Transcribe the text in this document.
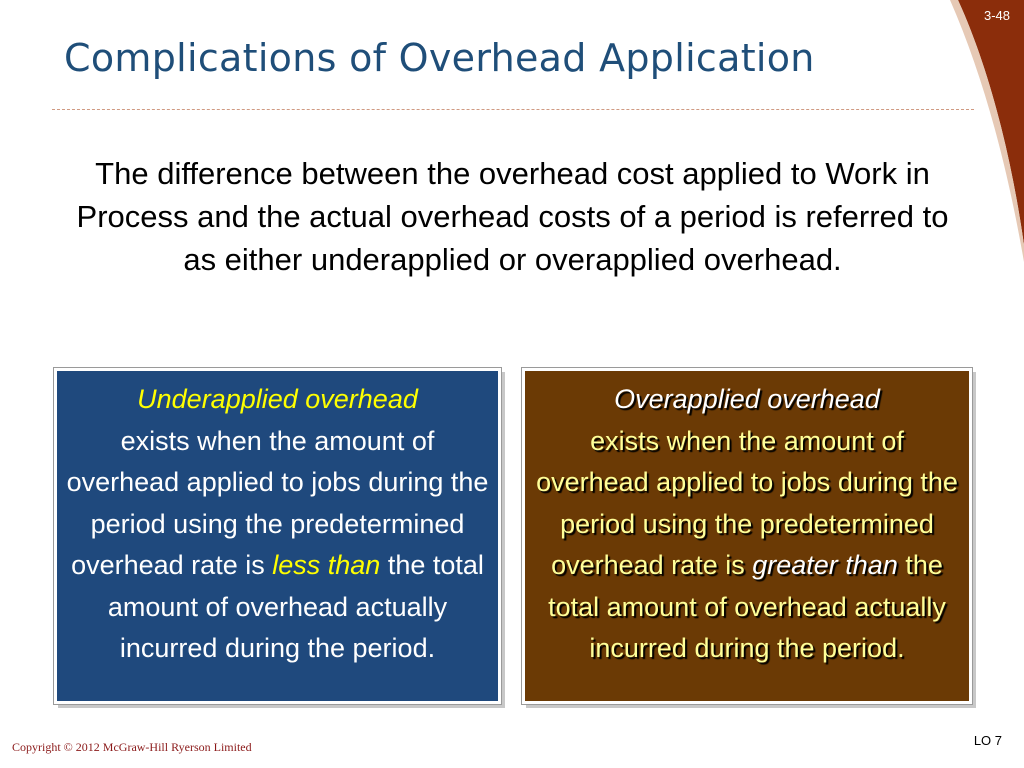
3-48
Complications of Overhead Application
The difference between the overhead cost applied to Work in Process and the actual overhead costs of a period is referred to as either underapplied or overapplied overhead.
Underapplied overhead
exists when the amount of overhead applied to jobs during the period using the predetermined overhead rate is less than the total amount of overhead actually incurred during the period.
Overapplied overhead
exists when the amount of overhead applied to jobs during the period using the predetermined overhead rate is greater than the total amount of overhead actually incurred during the period.
Copyright © 2012 McGraw-Hill Ryerson Limited	LO 7
